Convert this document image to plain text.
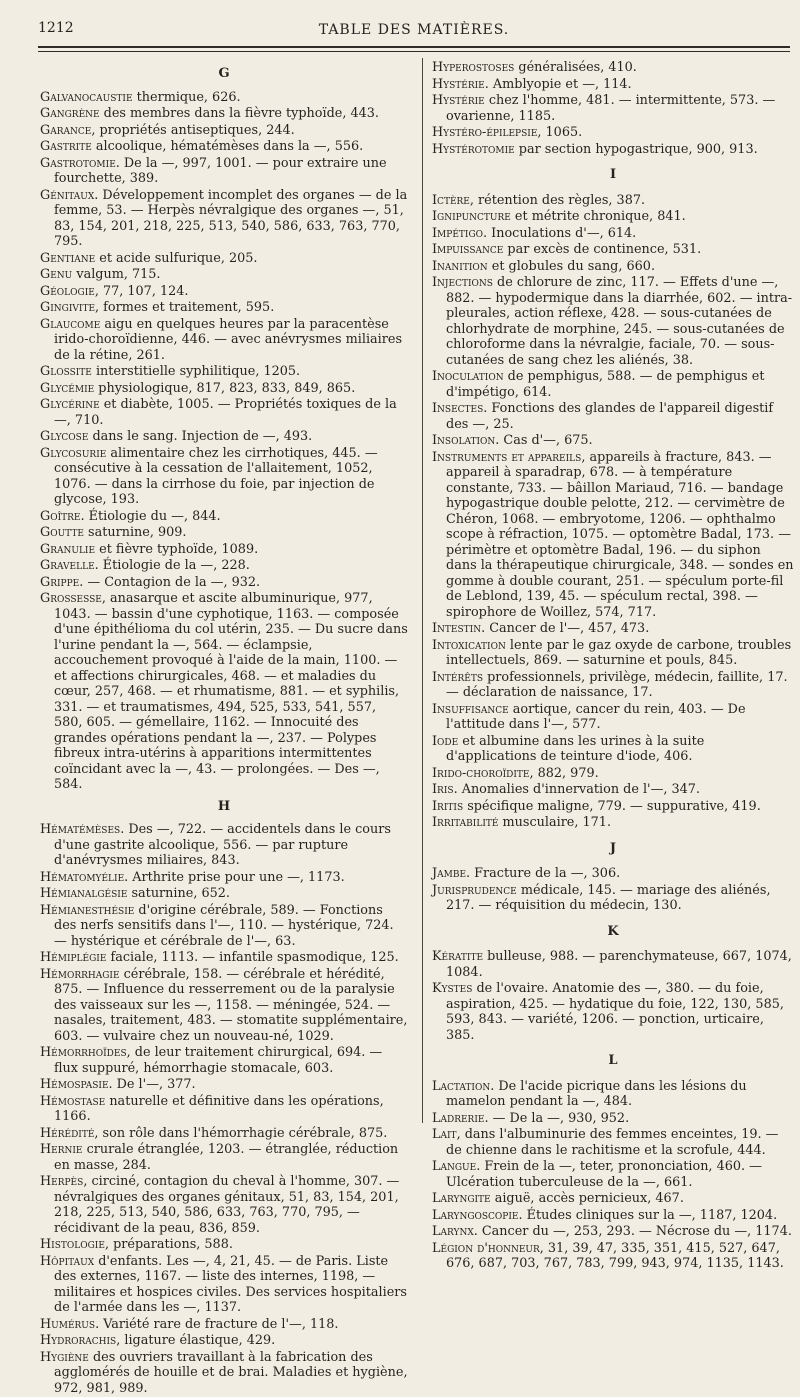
1212	TABLE DES MATIÈRES.
G
Galvanocaustie thermique, 626.
Gangrène des membres dans la fièvre typhoïde, 443.
Garance, propriétés antiseptiques, 244.
Gastrite alcoolique, hématémèses dans la —, 556.
Gastrotomie. De la —, 997, 1001. — pour extraire une fourchette, 389.
Génitaux. Développement incomplet des organes — de la femme, 53. — Herpès névralgique des organes —, 51, 83, 154, 201, 218, 225, 513, 540, 586, 633, 763, 770, 795.
Gentiane et acide sulfurique, 205.
Genu valgum, 715.
Géologie, 77, 107, 124.
Gingivite, formes et traitement, 595.
Glaucome aigu en quelques heures par la paracentèse irido-choroïdienne, 446. — avec anévrysmes miliaires de la rétine, 261.
Glossite interstitielle syphilitique, 1205.
Glycémie physiologique, 817, 823, 833, 849, 865.
Glycérine et diabète, 1005. — Propriétés toxiques de la —, 710.
Glycose dans le sang. Injection de —, 493.
Glycosurie alimentaire chez les cirrhotiques, 445. — consécutive à la cessation de l'allaitement, 1052, 1076. — dans la cirrhose du foie, par injection de glycose, 193.
Goître. Étiologie du —, 844.
Goutte saturnine, 909.
Granulie et fièvre typhoïde, 1089.
Gravelle. Étiologie de la —, 228.
Grippe. — Contagion de la —, 932.
Grossesse, anasarque et ascite albuminurique, 977, 1043. — bassin d'une cyphotique, 1163. — composée d'une épithélioma du col utérin, 235. — Du sucre dans l'urine pendant la —, 564. — éclampsie, accouchement provoqué à l'aide de la main, 1100. — et affections chirurgicales, 468. — et maladies du cœur, 257, 468. — et rhumatisme, 881. — et syphilis, 331. — et traumatismes, 494, 525, 533, 541, 557, 580, 605. — gémellaire, 1162. — Innocuité des grandes opérations pendant la —, 237. — Polypes fibreux intra-utérins à apparitions intermittentes coïncidant avec la —, 43. — prolongées. — Des —, 584.
H
Hématémèses. Des —, 722. — accidentels dans le cours d'une gastrite alcoolique, 556. — par rupture d'anévrysmes miliaires, 843.
Hématomyélie. Arthrite prise pour une —, 1173.
Hémianalgésie saturnine, 652.
Hémianesthésie d'origine cérébrale, 589. — Fonctions des nerfs sensitifs dans l'—, 110. — hystérique, 724. — hystérique et cérébrale de l'—, 63.
Hémiplégie faciale, 1113. — infantile spasmodique, 125.
Hémorrhagie cérébrale, 158. — cérébrale et hérédité, 875. — Influence du resserrement ou de la paralysie des vaisseaux sur les —, 1158. — méningée, 524. — nasales, traitement, 483. — stomatite supplémentaire, 603. — vulvaire chez un nouveau-né, 1029.
Hémorrhoïdes, de leur traitement chirurgical, 694. — flux suppuré, hémorrhagie stomacale, 603.
Hémospasie. De l'—, 377.
Hémostase naturelle et définitive dans les opérations, 1166.
Hérédité, son rôle dans l'hémorrhagie cérébrale, 875.
Hernie crurale étranglée, 1203. — étranglée, réduction en masse, 284.
Herpès, circiné, contagion du cheval à l'homme, 307. — névralgiques des organes génitaux, 51, 83, 154, 201, 218, 225, 513, 540, 586, 633, 763, 770, 795, — récidivant de la peau, 836, 859.
Histologie, préparations, 588.
Hôpitaux d'enfants. Les —, 4, 21, 45. — de Paris. Liste des externes, 1167. — liste des internes, 1198, — militaires et hospices civiles. Des services hospitaliers de l'armée dans les —, 1137.
Humérus. Variété rare de fracture de l'—, 118.
Hydrorachis, ligature élastique, 429.
Hygiène des ouvriers travaillant à la fabrication des agglomérés de houille et de brai. Maladies et hygiène, 972, 981, 989.
Hyperostoses généralisées, 410.
Hystérie. Amblyopie et —, 114.
Hystérie chez l'homme, 481. — intermittente, 573. — ovarienne, 1185.
Hystéro-épilepsie, 1065.
Hystérotomie par section hypogastrique, 900, 913.
I
Ictère, rétention des règles, 387.
Ignipuncture et métrite chronique, 841.
Impétigo. Inoculations d'—, 614.
Impuissance par excès de continence, 531.
Inanition et globules du sang, 660.
Injections de chlorure de zinc, 117. — Effets d'une —, 882. — hypodermique dans la diarrhée, 602. — intra-pleurales, action réflexe, 428. — sous-cutanées de chlorhydrate de morphine, 245. — sous-cutanées de chloroforme dans la névralgie, faciale, 70. — sous-cutanées de sang chez les aliénés, 38.
Inoculation de pemphigus, 588. — de pemphigus et d'impétigo, 614.
Insectes. Fonctions des glandes de l'appareil digestif des —, 25.
Insolation. Cas d'—, 675.
Instruments et appareils, appareils à fracture, 843. — appareil à sparadrap, 678. — à température constante, 733. — bâillon Mariaud, 716. — bandage hypogastrique double pelotte, 212. — cervimètre de Chéron, 1068. — embryotome, 1206. — ophthalmo scope à réfraction, 1075. — optomètre Badal, 173. — périmètre et optomètre Badal, 196. — du siphon dans la thérapeutique chirurgicale, 348. — sondes en gomme à double courant, 251. — spéculum porte-fil de Leblond, 139, 45. — spéculum rectal, 398. — spirophore de Woillez, 574, 717.
Intestin. Cancer de l'—, 457, 473.
Intoxication lente par le gaz oxyde de carbone, troubles intellectuels, 869. — saturnine et pouls, 845.
Intérêts professionnels, privilège, médecin, faillite, 17. — déclaration de naissance, 17.
Insuffisance aortique, cancer du rein, 403. — De l'attitude dans l'—, 577.
Iode et albumine dans les urines à la suite d'applications de teinture d'iode, 406.
Irido-choroïdite, 882, 979.
Iris. Anomalies d'innervation de l'—, 347.
Iritis spécifique maligne, 779. — suppurative, 419.
Irritabilité musculaire, 171.
J
Jambe. Fracture de la —, 306.
Jurisprudence médicale, 145. — mariage des aliénés, 217. — réquisition du médecin, 130.
K
Kératite bulleuse, 988. — parenchymateuse, 667, 1074, 1084.
Kystes de l'ovaire. Anatomie des —, 380. — du foie, aspiration, 425. — hydatique du foie, 122, 130, 585, 593, 843. — variété, 1206. — ponction, urticaire, 385.
L
Lactation. De l'acide picrique dans les lésions du mamelon pendant la —, 484.
Ladrerie. — De la —, 930, 952.
Lait, dans l'albuminurie des femmes enceintes, 19. — de chienne dans le rachitisme et la scrofule, 444.
Langue. Frein de la —, teter, prononciation, 460. — Ulcération tuberculeuse de la —, 661.
Laryngite aiguë, accès pernicieux, 467.
Laryngoscopie. Études cliniques sur la —, 1187, 1204.
Larynx. Cancer du —, 253, 293. — Nécrose du —, 1174.
Légion d'honneur, 31, 39, 47, 335, 351, 415, 527, 647, 676, 687, 703, 767, 783, 799, 943, 974, 1135, 1143.
